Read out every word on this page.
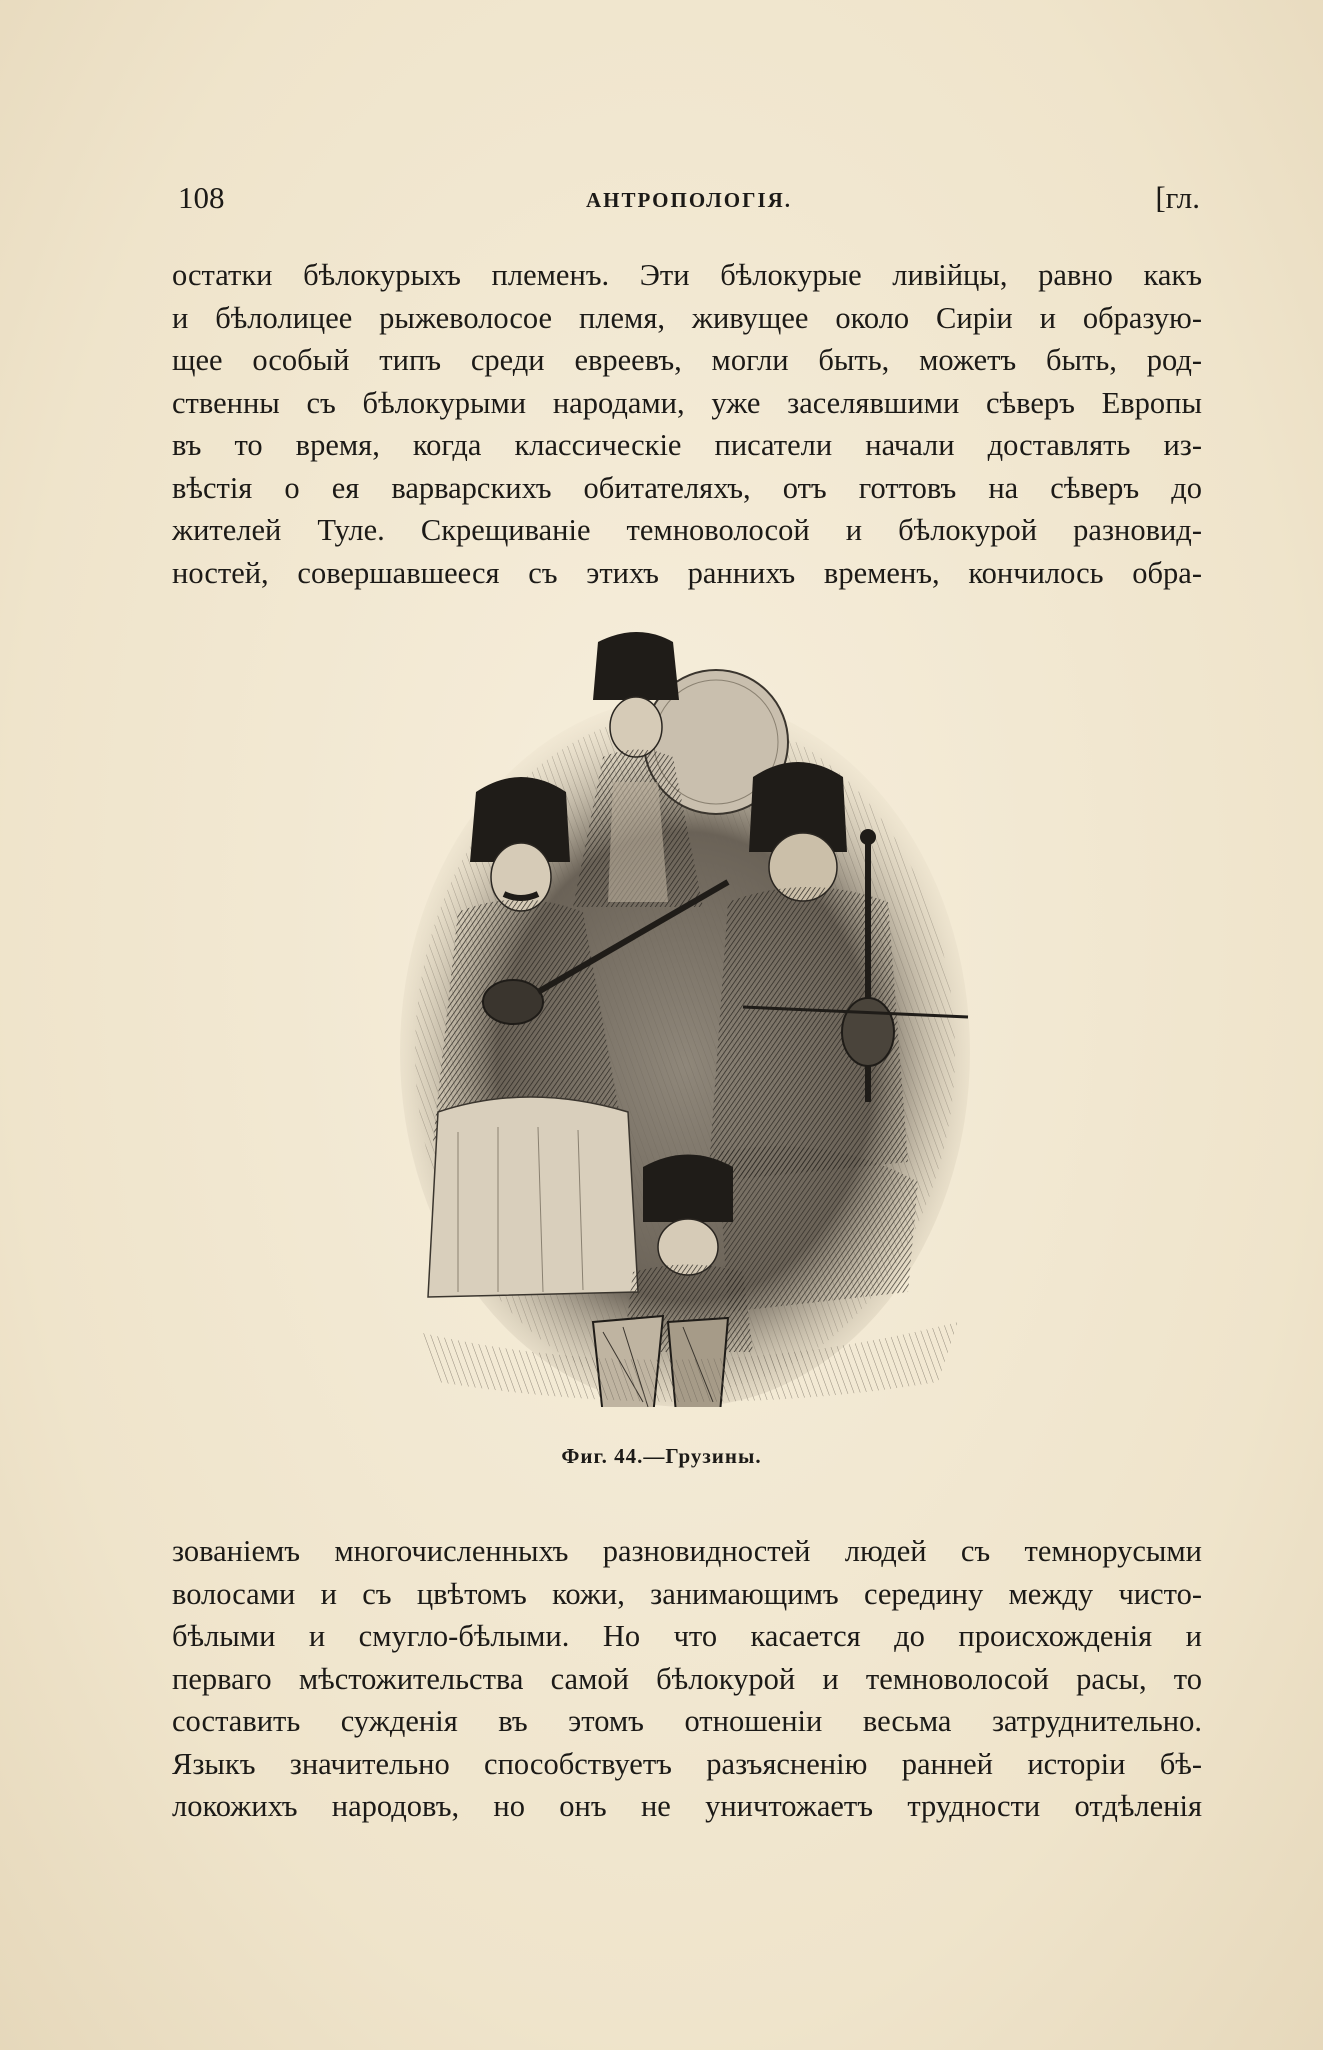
108	АНТРОПОЛОГІЯ.	[гл.
остатки бѣлокурыхъ племенъ. Эти бѣлокурые ливійцы, равно какъ
и бѣлолицее рыжеволосое племя, живущее около Сиріи и образую-
щее особый типъ среди евреевъ, могли быть, можетъ быть, род-
ственны съ бѣлокурыми народами, уже заселявшими сѣверъ Европы
въ то время, когда классическіе писатели начали доставлять из-
вѣстія о ея варварскихъ обитателяхъ, отъ готтовъ на сѣверъ до
жителей Туле. Скрещиваніе темноволосой и бѣлокурой разновид-
ностей, совершавшееся съ этихъ раннихъ временъ, кончилось обра-
Фиг. 44.—Грузины.
зованіемъ многочисленныхъ разновидностей людей съ темнорусыми
волосами и съ цвѣтомъ кожи, занимающимъ середину между чисто-
бѣлыми и смугло-бѣлыми. Но что касается до происхожденія и
перваго мѣстожительства самой бѣлокурой и темноволосой расы, то
составить сужденія въ этомъ отношеніи весьма затруднительно.
Языкъ значительно способствуетъ разъясненію ранней исторіи бѣ-
локожихъ народовъ, но онъ не уничтожаетъ трудности отдѣленія
